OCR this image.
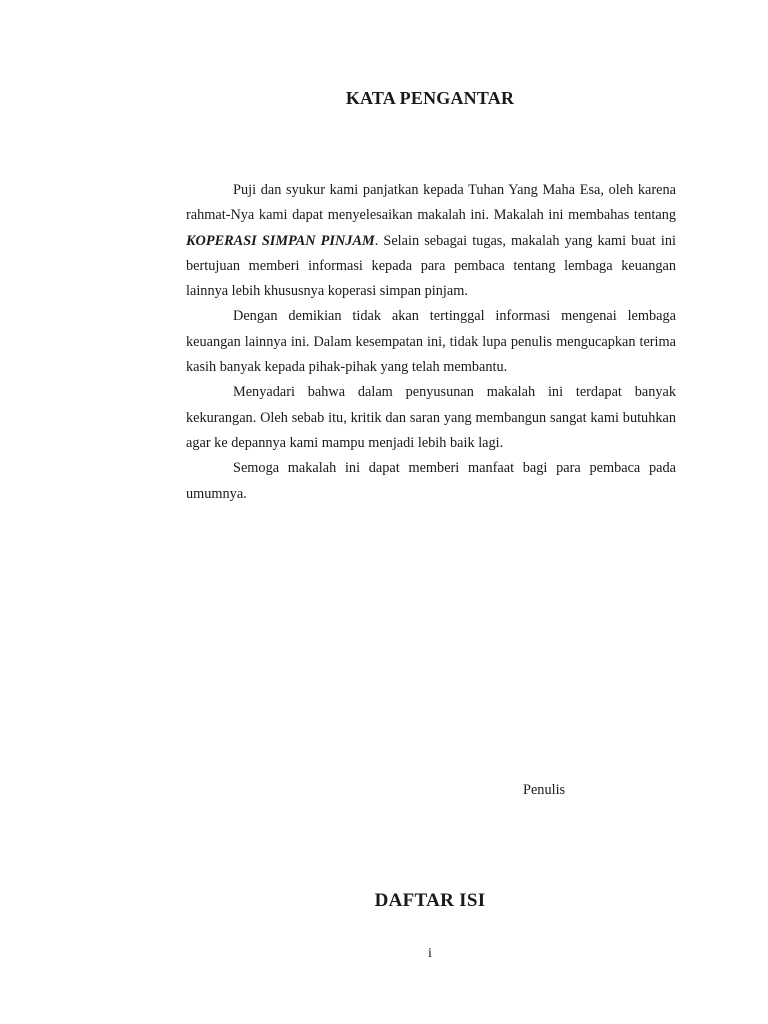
KATA PENGANTAR

Puji dan syukur kami panjatkan kepada Tuhan Yang Maha Esa, oleh karena rahmat-Nya kami dapat menyelesaikan makalah ini. Makalah ini membahas tentang KOPERASI SIMPAN PINJAM. Selain sebagai tugas, makalah yang kami buat ini bertujuan memberi informasi kepada para pembaca tentang lembaga keuangan lainnya lebih khususnya koperasi simpan pinjam.

Dengan demikian tidak akan tertinggal informasi mengenai lembaga keuangan lainnya ini. Dalam kesempatan ini, tidak lupa penulis mengucapkan terima kasih banyak kepada pihak-pihak yang telah membantu.

Menyadari bahwa dalam penyusunan makalah ini terdapat banyak kekurangan. Oleh sebab itu, kritik dan saran yang membangun sangat kami butuhkan agar ke depannya kami mampu menjadi lebih baik lagi.

Semoga makalah ini dapat memberi manfaat bagi para pembaca pada umumnya.

Penulis
DAFTAR ISI
i
